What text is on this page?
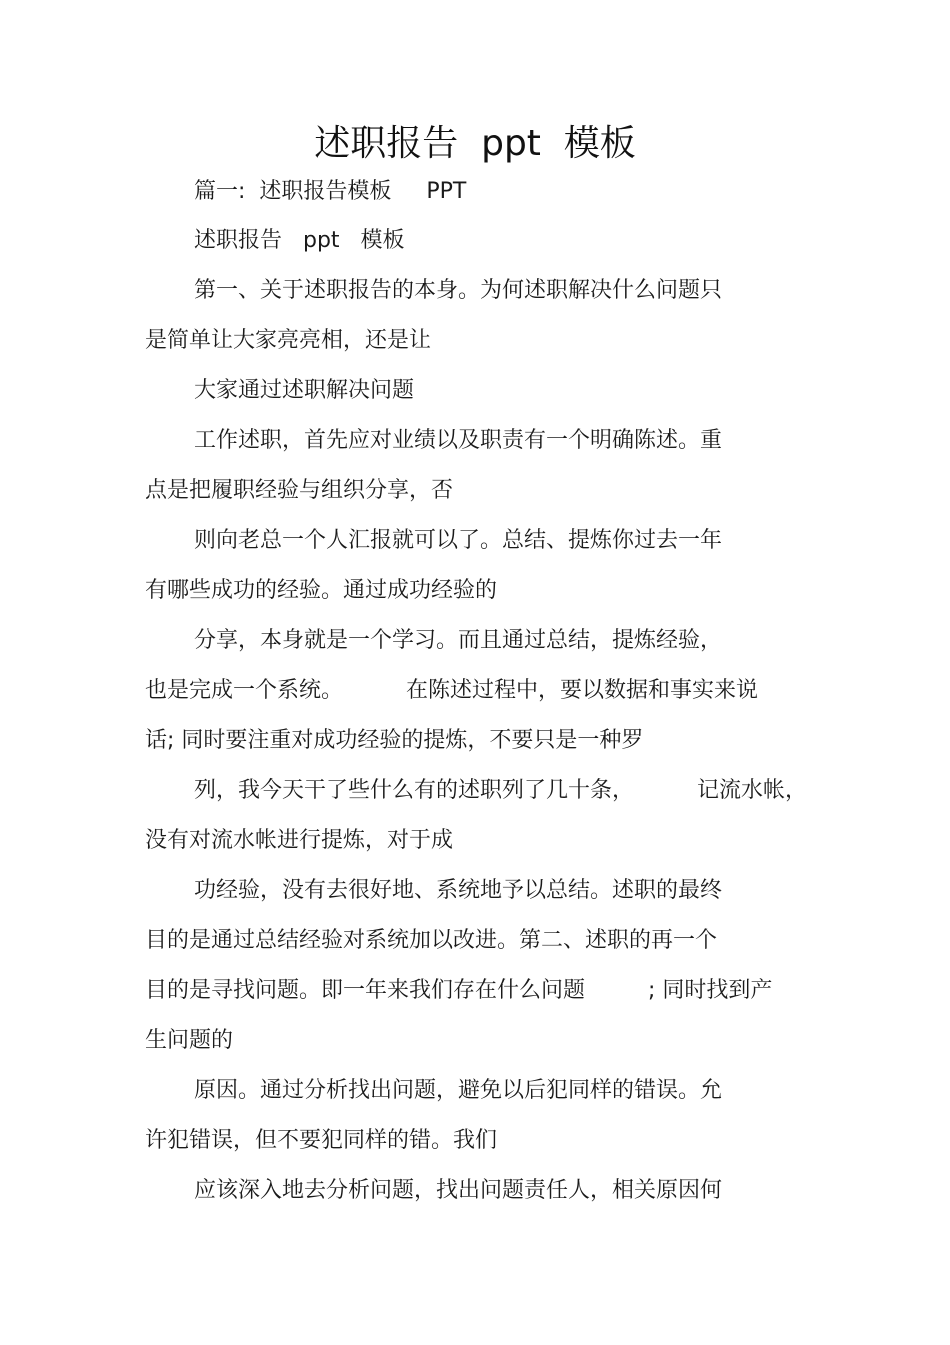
述职报告  ppt  模板
篇一:  述职报告模板     PPT
述职报告   ppt   模板
第一、关于述职报告的本身。为何述职解决什么问题只
是简单让大家亮亮相，还是让
大家通过述职解决问题
工作述职，首先应对业绩以及职责有一个明确陈述。重
点是把履职经验与组织分享，否
则向老总一个人汇报就可以了。总结、提炼你过去一年
有哪些成功的经验。通过成功经验的
分享，本身就是一个学习。而且通过总结，提炼经验，
也是完成一个系统。         在陈述过程中，要以数据和事实来说
话; 同时要注重对成功经验的提炼，不要只是一种罗
列，我今天干了些什么有的述职列了几十条，         记流水帐，
没有对流水帐进行提炼，对于成
功经验，没有去很好地、系统地予以总结。述职的最终
目的是通过总结经验对系统加以改进。第二、述职的再一个
目的是寻找问题。即一年来我们存在什么问题         ; 同时找到产
生问题的
原因。通过分析找出问题，避免以后犯同样的错误。允
许犯错误，但不要犯同样的错。我们
应该深入地去分析问题，找出问题责任人，相关原因何
